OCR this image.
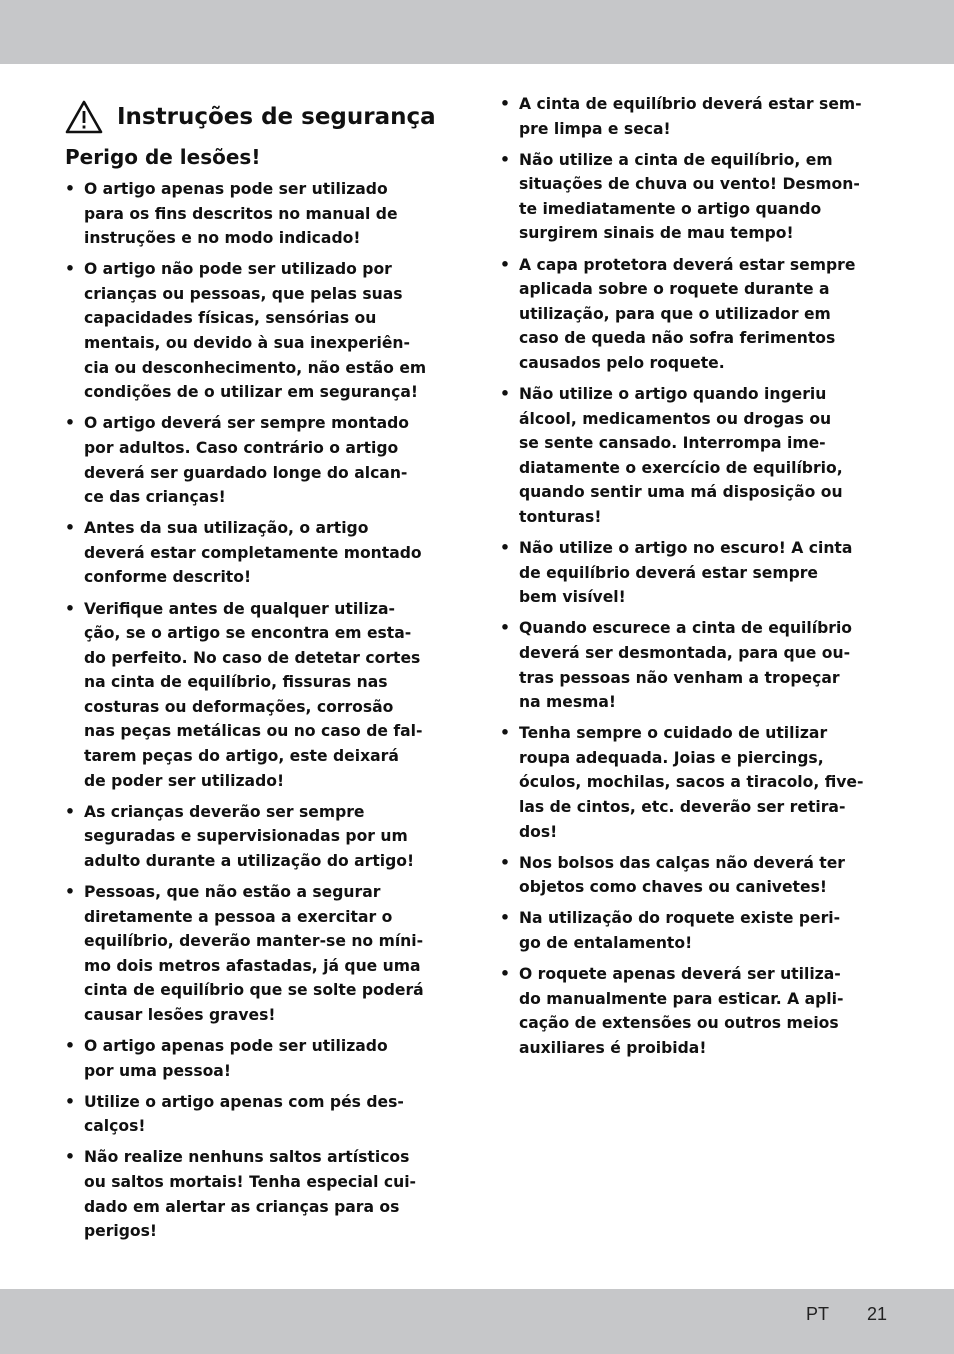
Instruções de segurança
Perigo de lesões!
• O artigo apenas pode ser utilizado
para os fins descritos no manual de
instruções e no modo indicado!
• O artigo não pode ser utilizado por
crianças ou pessoas, que pelas suas
capacidades físicas, sensórias ou
mentais, ou devido à sua inexperiên-
cia ou desconhecimento, não estão em
condições de o utilizar em segurança!
• O artigo deverá ser sempre montado
por adultos. Caso contrário o artigo
deverá ser guardado longe do alcan-
ce das crianças!
• Antes da sua utilização, o artigo
deverá estar completamente montado
conforme descrito!
• Verifique antes de qualquer utiliza-
ção, se o artigo se encontra em esta-
do perfeito. No caso de detetar cortes
na cinta de equilíbrio, fissuras nas
costuras ou deformações, corrosão
nas peças metálicas ou no caso de fal-
tarem peças do artigo, este deixará
de poder ser utilizado!
• As crianças deverão ser sempre
seguradas e supervisionadas por um
adulto durante a utilização do artigo!
• Pessoas, que não estão a segurar
diretamente a pessoa a exercitar o
equilíbrio, deverão manter-se no míni-
mo dois metros afastadas, já que uma
cinta de equilíbrio que se solte poderá
causar lesões graves!
• O artigo apenas pode ser utilizado
por uma pessoa!
• Utilize o artigo apenas com pés des-
calços!
• Não realize nenhuns saltos artísticos
ou saltos mortais! Tenha especial cui-
dado em alertar as crianças para os
perigos!
• A cinta de equilíbrio deverá estar sem-
pre limpa e seca!
• Não utilize a cinta de equilíbrio, em
situações de chuva ou vento! Desmon-
te imediatamente o artigo quando
surgirem sinais de mau tempo!
• A capa protetora deverá estar sempre
aplicada sobre o roquete durante a
utilização, para que o utilizador em
caso de queda não sofra ferimentos
causados pelo roquete.
• Não utilize o artigo quando ingeriu
álcool, medicamentos ou drogas ou
se sente cansado. Interrompa ime-
diatamente o exercício de equilíbrio,
quando sentir uma má disposição ou
tonturas!
• Não utilize o artigo no escuro! A cinta
de equilíbrio deverá estar sempre
bem visível!
• Quando escurece a cinta de equilíbrio
deverá ser desmontada, para que ou-
tras pessoas não venham a tropeçar
na mesma!
• Tenha sempre o cuidado de utilizar
roupa adequada. Joias e piercings,
óculos, mochilas, sacos a tiracolo, five-
las de cintos, etc. deverão ser retira-
dos!
• Nos bolsos das calças não deverá ter
objetos como chaves ou canivetes!
• Na utilização do roquete existe peri-
go de entalamento!
• O roquete apenas deverá ser utiliza-
do manualmente para esticar. A apli-
cação de extensões ou outros meios
auxiliares é proibida!
PT 21
